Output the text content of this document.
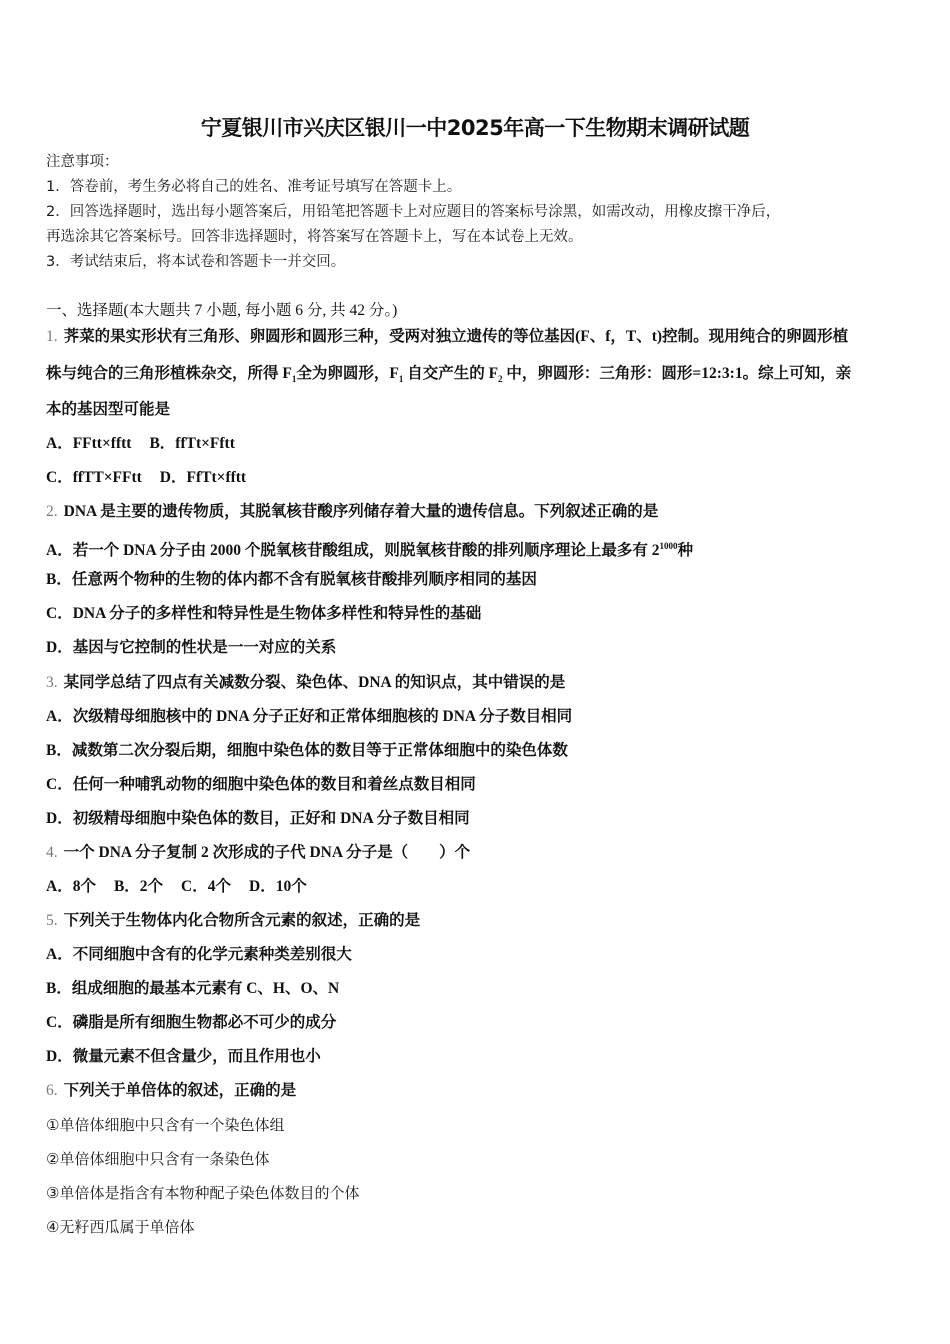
宁夏银川市兴庆区银川一中2025年高一下生物期末调研试题
注意事项：
1．答卷前，考生务必将自己的姓名、准考证号填写在答题卡上。
2．回答选择题时，选出每小题答案后，用铅笔把答题卡上对应题目的答案标号涂黑，如需改动，用橡皮擦干净后，
再选涂其它答案标号。回答非选择题时，将答案写在答题卡上，写在本试卷上无效。
3．考试结束后，将本试卷和答题卡一并交回。
一、选择题(本大题共 7 小题, 每小题 6 分, 共 42 分。)
1. 荠菜的果实形状有三角形、卵圆形和圆形三种，受两对独立遗传的等位基因(F、f，T、t)控制。现用纯合的卵圆形植
株与纯合的三角形植株杂交，所得 $F_1$全为卵圆形，$F_1$ 自交产生的 $F_2$ 中，卵圆形：三角形：圆形=12:3:1。综上可知，亲
本的基因型可能是
A．FFtt×fftt B．ffTt×Fftt
C．ffTT×FFtt D．FfTt×fftt
2. DNA 是主要的遗传物质，其脱氧核苷酸序列储存着大量的遗传信息。下列叙述正确的是
A．若一个 DNA 分子由 2000 个脱氧核苷酸组成，则脱氧核苷酸的排列顺序理论上最多有 $2^{1000}$种
B．任意两个物种的生物的体内都不含有脱氧核苷酸排列顺序相同的基因
C．DNA 分子的多样性和特异性是生物体多样性和特异性的基础
D．基因与它控制的性状是一一对应的关系
3. 某同学总结了四点有关减数分裂、染色体、DNA 的知识点，其中错误的是
A．次级精母细胞核中的 DNA 分子正好和正常体细胞核的 DNA 分子数目相同
B．减数第二次分裂后期，细胞中染色体的数目等于正常体细胞中的染色体数
C．任何一种哺乳动物的细胞中染色体的数目和着丝点数目相同
D．初级精母细胞中染色体的数目，正好和 DNA 分子数目相同
4. 一个 DNA 分子复制 2 次形成的子代 DNA 分子是（　　）个
A．8个 B．2个 C．4个 D．10个
5. 下列关于生物体内化合物所含元素的叙述，正确的是
A．不同细胞中含有的化学元素种类差别很大
B．组成细胞的最基本元素有 C、H、O、N
C．磷脂是所有细胞生物都必不可少的成分
D．微量元素不但含量少，而且作用也小
6. 下列关于单倍体的叙述，正确的是
①单倍体细胞中只含有一个染色体组
②单倍体细胞中只含有一条染色体
③单倍体是指含有本物种配子染色体数目的个体
④无籽西瓜属于单倍体
